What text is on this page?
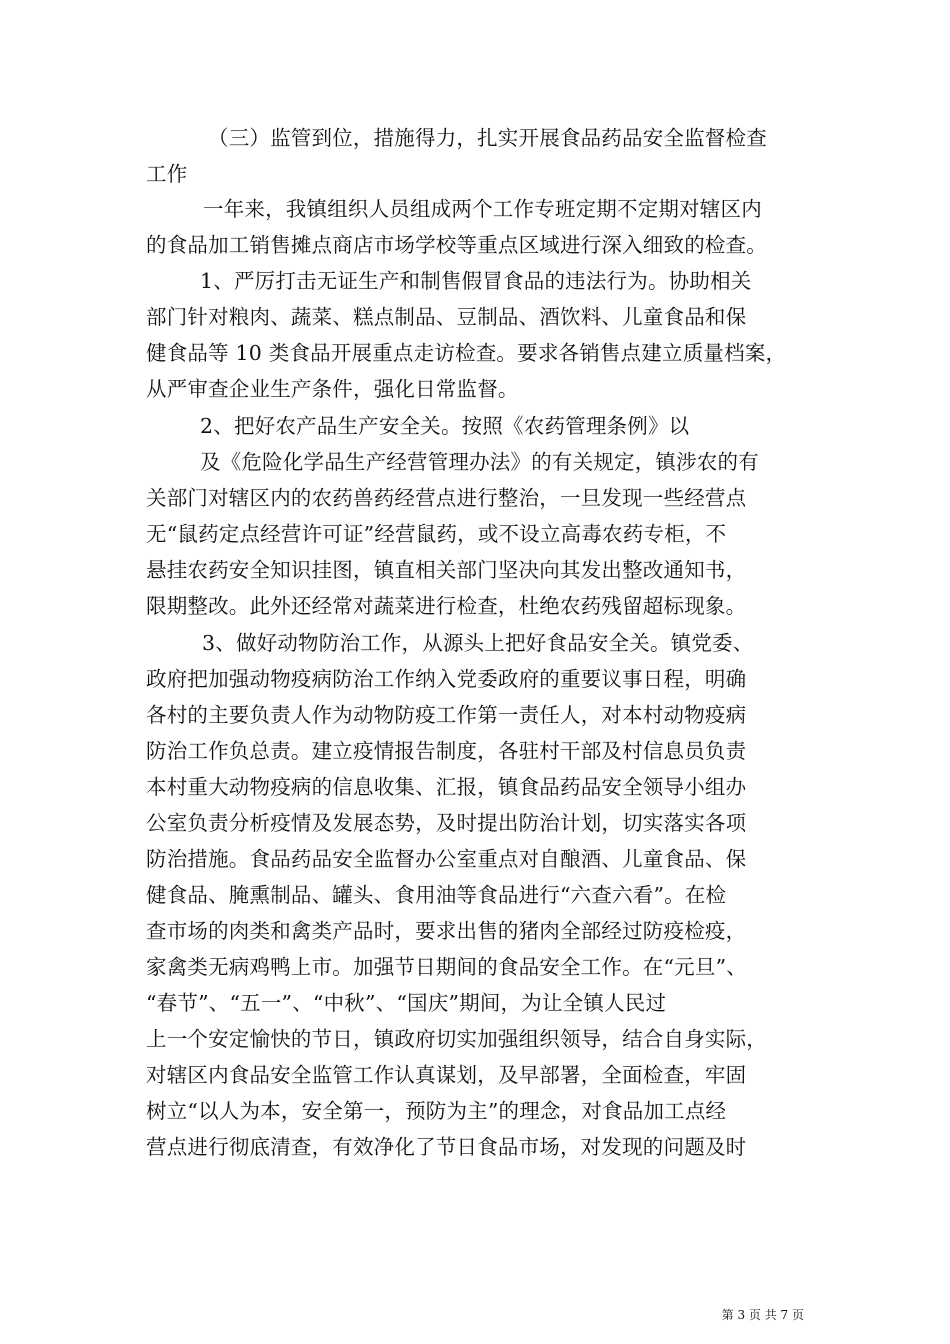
（三）监管到位，措施得力，扎实开展食品药品安全监督检查
工作
一年来，我镇组织人员组成两个工作专班定期不定期对辖区内
的食品加工销售摊点商店市场学校等重点区域进行深入细致的检查。
1、严厉打击无证生产和制售假冒食品的违法行为。协助相关
部门针对粮肉、蔬菜、糕点制品、豆制品、酒饮料、儿童食品和保
健食品等 10 类食品开展重点走访检查。要求各销售点建立质量档案，
从严审查企业生产条件，强化日常监督。
2、把好农产品生产安全关。按照《农药管理条例》以
及《危险化学品生产经营管理办法》的有关规定，镇涉农的有
关部门对辖区内的农药兽药经营点进行整治，一旦发现一些经营点
无“鼠药定点经营许可证”经营鼠药，或不设立高毒农药专柜，不
悬挂农药安全知识挂图，镇直相关部门坚决向其发出整改通知书，
限期整改。此外还经常对蔬菜进行检查，杜绝农药残留超标现象。
3、做好动物防治工作，从源头上把好食品安全关。镇党委、
政府把加强动物疫病防治工作纳入党委政府的重要议事日程，明确
各村的主要负责人作为动物防疫工作第一责任人，对本村动物疫病
防治工作负总责。建立疫情报告制度，各驻村干部及村信息员负责
本村重大动物疫病的信息收集、汇报，镇食品药品安全领导小组办
公室负责分析疫情及发展态势，及时提出防治计划，切实落实各项
防治措施。食品药品安全监督办公室重点对自酿酒、儿童食品、保
健食品、腌熏制品、罐头、食用油等食品进行“六查六看”。在检
查市场的肉类和禽类产品时，要求出售的猪肉全部经过防疫检疫，
家禽类无病鸡鸭上市。加强节日期间的食品安全工作。在“元旦”、
“春节”、“五一”、“中秋”、“国庆”期间，为让全镇人民过
上一个安定愉快的节日，镇政府切实加强组织领导，结合自身实际，
对辖区内食品安全监管工作认真谋划，及早部署，全面检查，牢固
树立“以人为本，安全第一，预防为主”的理念，对食品加工点经
营点进行彻底清查，有效净化了节日食品市场，对发现的问题及时
第 3 页 共 7 页
